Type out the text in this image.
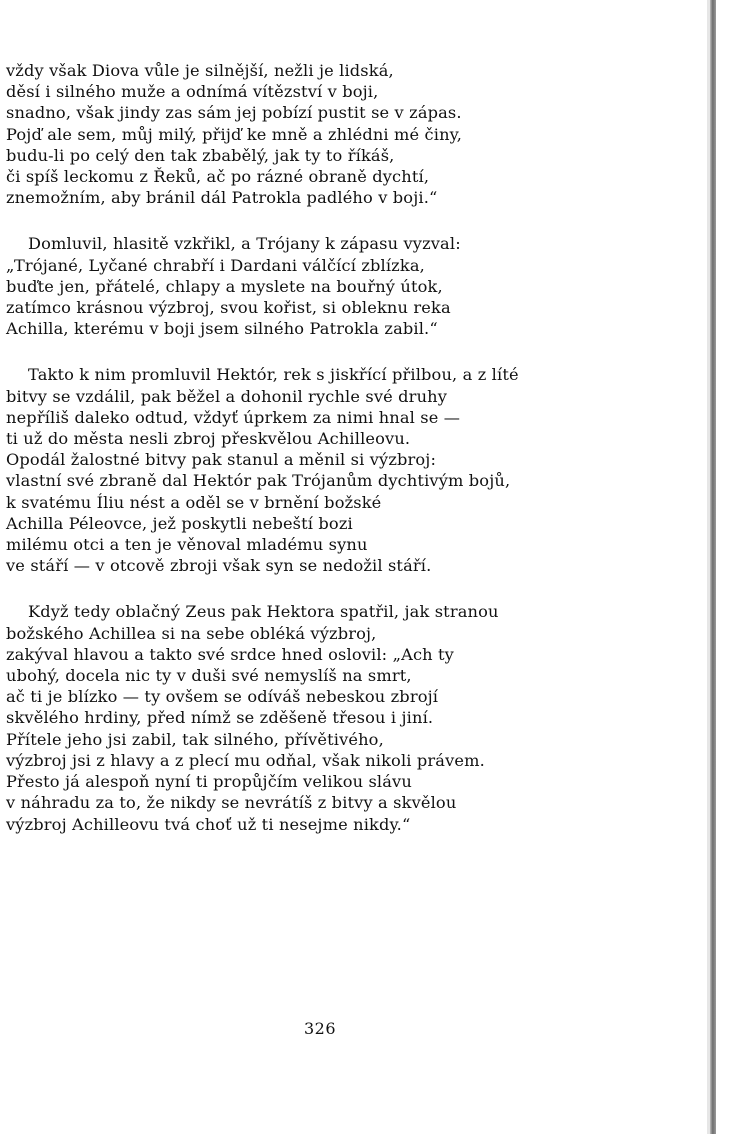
vždy však Diova vůle je silnější, nežli je lidská,
děsí i silného muže a odnímá vítězství v boji,
snadno, však jindy zas sám jej pobízí pustit se v zápas.
Pojď ale sem, můj milý, přijď ke mně a zhlédni mé činy,
budu-li po celý den tak zbabělý, jak ty to říkáš,
či spíš leckomu z Řeků, ač po rázné obraně dychtí,
znemožním, aby bránil dál Patrokla padlého v boji.“
Domluvil, hlasitě vzkřikl, a Trójany k zápasu vyzval:
„Trójané, Lyčané chrabří i Dardani válčící zblízka,
buďte jen, přátelé, chlapy a myslete na bouřný útok,
zatímco krásnou výzbroj, svou kořist, si obleknu reka
Achilla, kterému v boji jsem silného Patrokla zabil.“
Takto k nim promluvil Hektór, rek s jiskřící přilbou, a z líté
bitvy se vzdálil, pak běžel a dohonil rychle své druhy
nepříliš daleko odtud, vždyť úprkem za nimi hnal se —
ti už do města nesli zbroj přeskvělou Achilleovu.
Opodál žalostné bitvy pak stanul a měnil si výzbroj:
vlastní své zbraně dal Hektór pak Trójanům dychtivým bojů,
k svatému Íliu nést a oděl se v brnění božské
Achilla Péleovce, jež poskytli nebeští bozi
milému otci a ten je věnoval mladému synu
ve stáří — v otcově zbroji však syn se nedožil stáří.
Když tedy oblačný Zeus pak Hektora spatřil, jak stranou
božského Achillea si na sebe obléká výzbroj,
zakýval hlavou a takto své srdce hned oslovil: „Ach ty
ubohý, docela nic ty v duši své nemyslíš na smrt,
ač ti je blízko — ty ovšem se odíváš nebeskou zbrojí
skvělého hrdiny, před nímž se zděšeně třesou i jiní.
Přítele jeho jsi zabil, tak silného, přívětivého,
výzbroj jsi z hlavy a z plecí mu odňal, však nikoli právem.
Přesto já alespoň nyní ti propůjčím velikou slávu
v náhradu za to, že nikdy se nevrátíš z bitvy a skvělou
výzbroj Achilleovu tvá choť už ti nesejme nikdy.“
326
